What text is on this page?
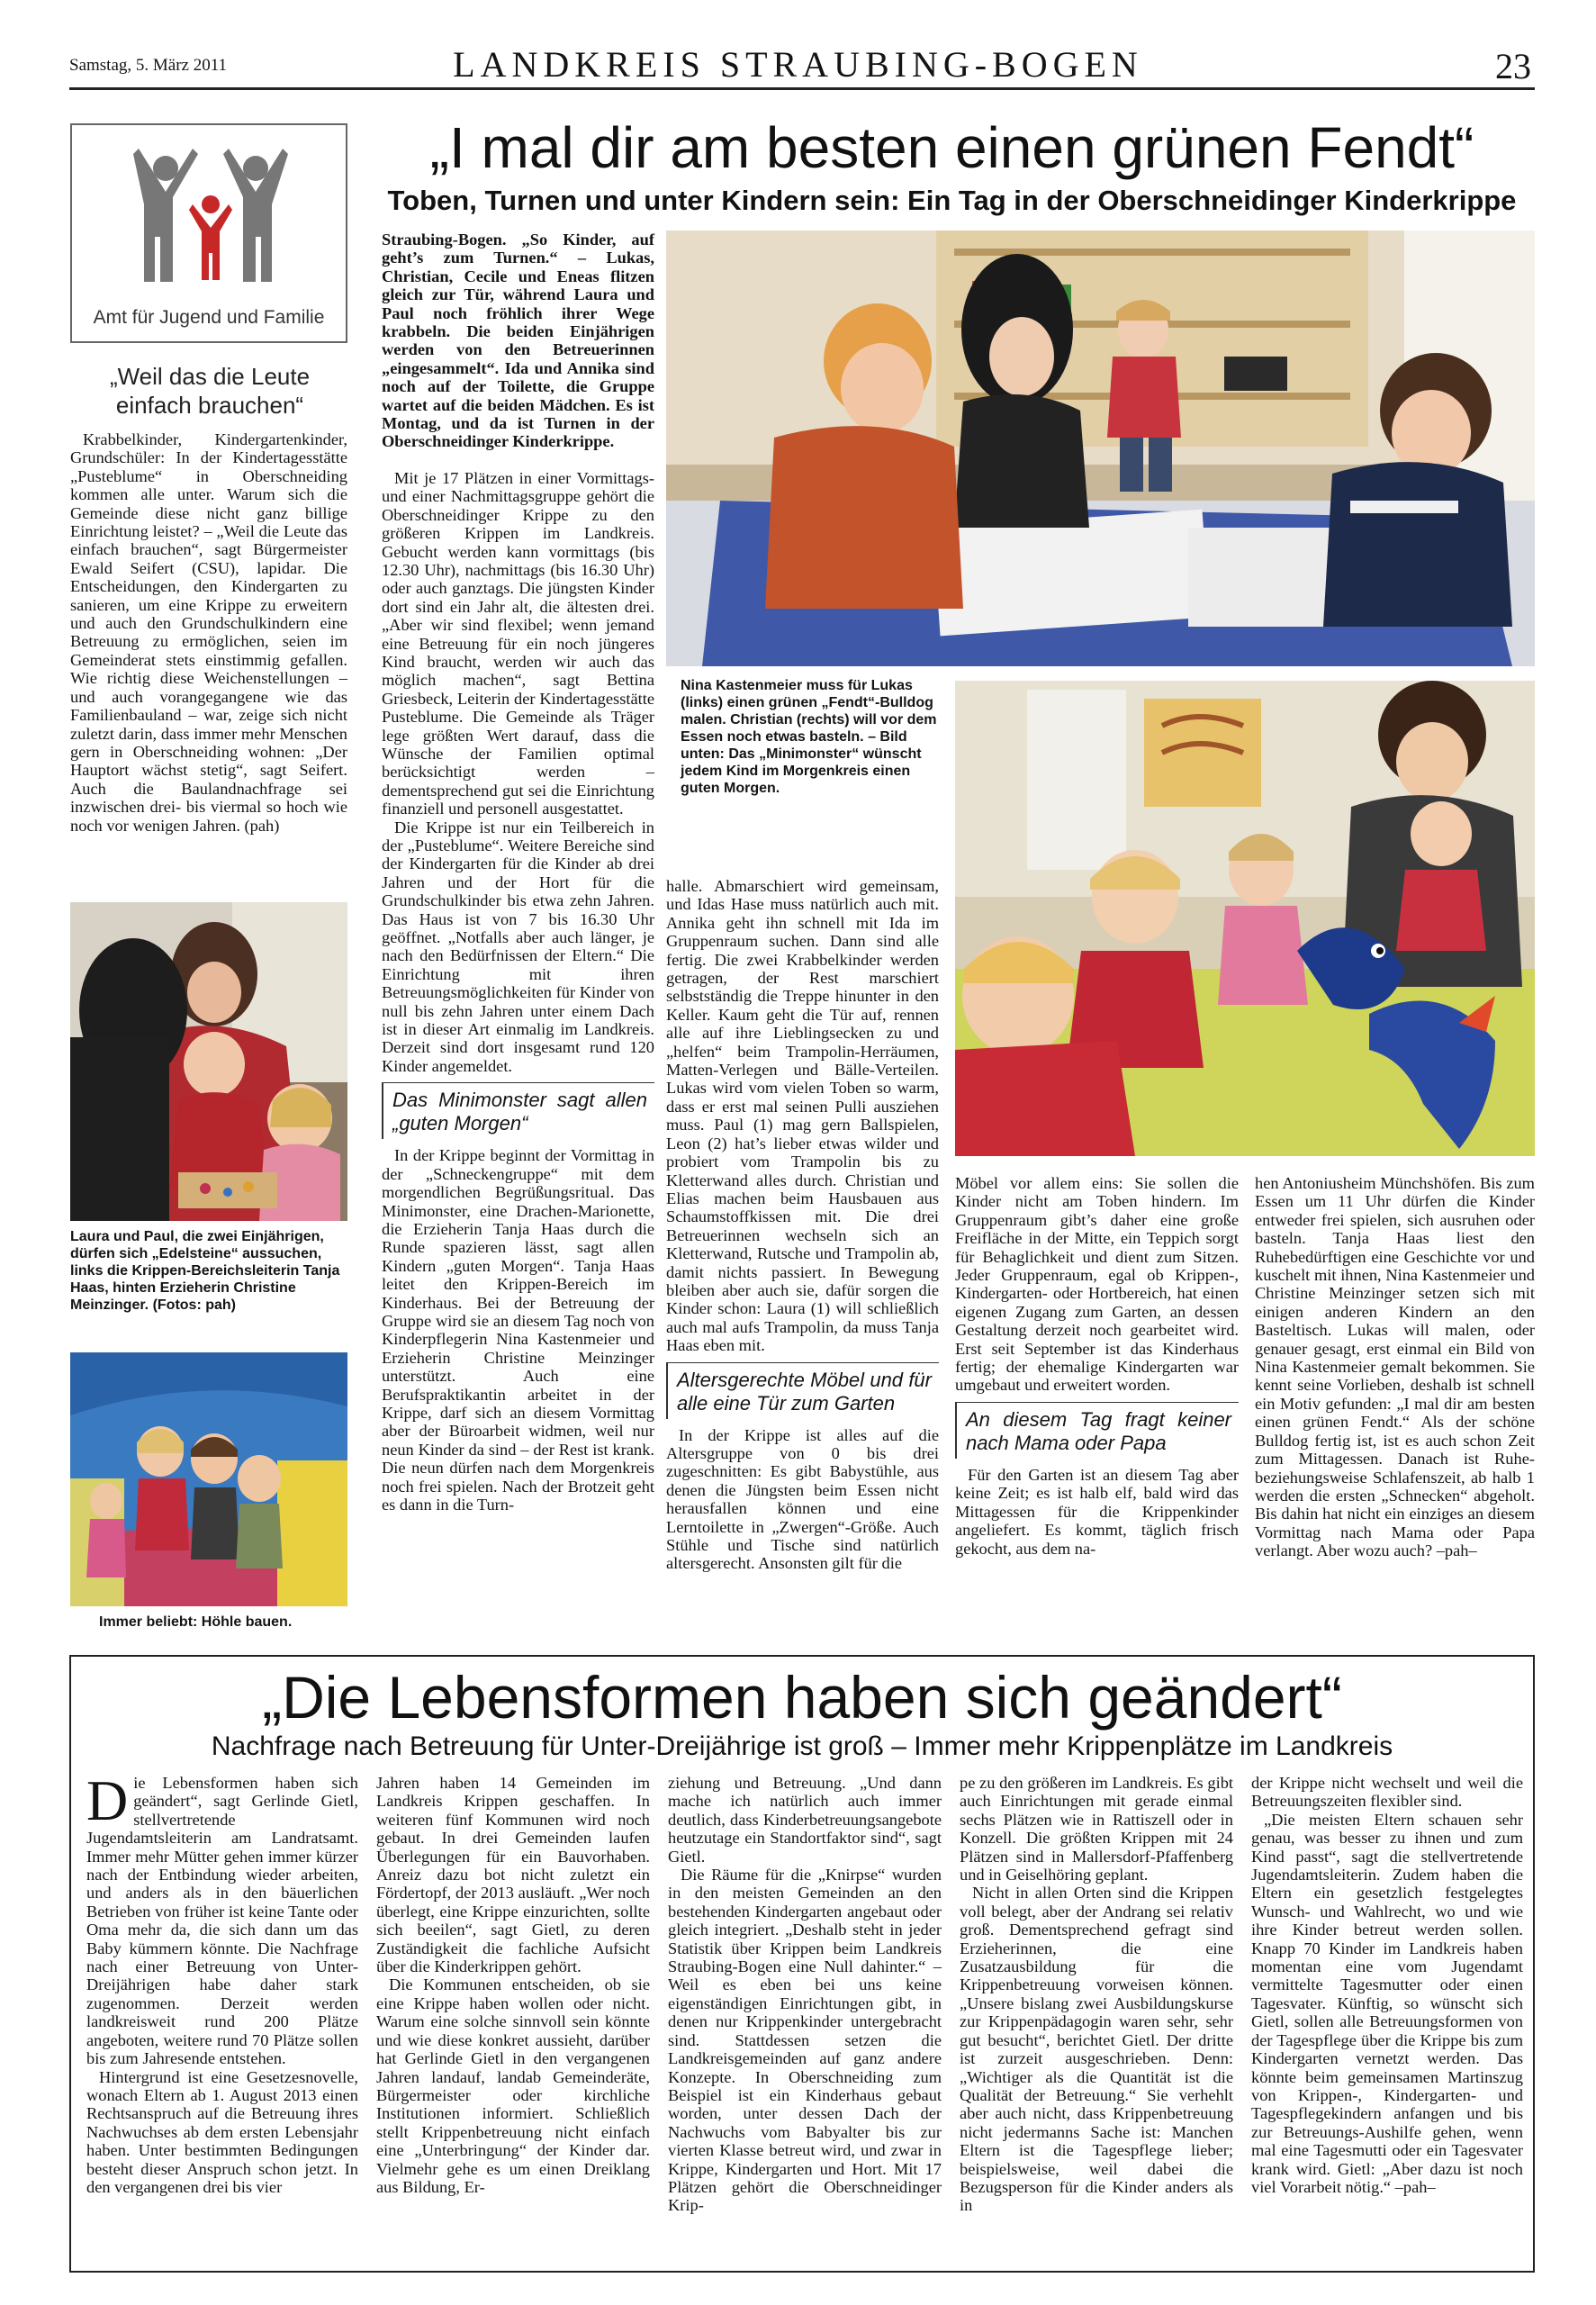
Samstag, 5. März 2011	LANDKREIS STRAUBING-BOGEN	23
„I mal dir am besten einen grünen Fendt“
Toben, Turnen und unter Kindern sein: Ein Tag in der Oberschneidinger Kinderkrippe
Amt für Jugend und Familie
„Weil das die Leute einfach brauchen“

Krabbelkinder, Kindergartenkinder, Grundschüler: In der Kindertagesstätte „Pusteblume“ in Oberschneiding kommen alle unter. Warum sich die Gemeinde diese nicht ganz billige Einrichtung leistet? – „Weil die Leute das einfach brauchen“, sagt Bürgermeister Ewald Seifert (CSU), lapidar. Die Entscheidungen, den Kindergarten zu sanieren, um eine Krippe zu erweitern und auch den Grundschulkindern eine Betreuung zu ermöglichen, seien im Gemeinderat stets einstimmig gefallen. Wie richtig diese Weichenstellungen – und auch vorangegangene wie das Familienbauland – war, zeige sich nicht zuletzt darin, dass immer mehr Menschen gern in Oberschneiding wohnen: „Der Hauptort wächst stetig“, sagt Seifert. Auch die Baulandnachfrage sei inzwischen drei- bis viermal so hoch wie noch vor wenigen Jahren. (pah)

Laura und Paul, die zwei Einjährigen, dürfen sich „Edelsteine“ aussuchen, links die Krippen-Bereichsleiterin Tanja Haas, hinten Erzieherin Christine Meinzinger. (Fotos: pah)
Immer beliebt: Höhle bauen.

Straubing-Bogen. „So Kinder, auf geht’s zum Turnen.“ – Lukas, Christian, Cecile und Eneas flitzen gleich zur Tür, während Laura und Paul noch fröhlich ihrer Wege krabbeln. Die beiden Einjährigen werden von den Betreuerinnen „eingesammelt“. Ida und Annika sind noch auf der Toilette, die Gruppe wartet auf die beiden Mädchen. Es ist Montag, und da ist Turnen in der Oberschneidinger Kinderkrippe.

Mit je 17 Plätzen in einer Vormittags- und einer Nachmittagsgruppe gehört die Oberschneidinger Krippe zu den größeren Krippen im Landkreis. Gebucht werden kann vormittags (bis 12.30 Uhr), nachmittags (bis 16.30 Uhr) oder auch ganztags. Die jüngsten Kinder dort sind ein Jahr alt, die ältesten drei. „Aber wir sind flexibel; wenn jemand eine Betreuung für ein noch jüngeres Kind braucht, werden wir auch das möglich machen“, sagt Bettina Griesbeck, Leiterin der Kindertagesstätte Pusteblume. Die Gemeinde als Träger lege größten Wert darauf, dass die Wünsche der Familien optimal berücksichtigt werden – dementsprechend gut sei die Einrichtung finanziell und personell ausgestattet.

Die Krippe ist nur ein Teilbereich in der „Pusteblume“. Weitere Bereiche sind der Kindergarten für die Kinder ab drei Jahren und der Hort für die Grundschulkinder bis etwa zehn Jahren. Das Haus ist von 7 bis 16.30 Uhr geöffnet. „Notfalls aber auch länger, je nach den Bedürfnissen der Eltern.“ Die Einrichtung mit ihren Betreuungsmöglichkeiten für Kinder von null bis zehn Jahren unter einem Dach ist in dieser Art einmalig im Landkreis. Derzeit sind dort insgesamt rund 120 Kinder angemeldet.

Das Minimonster sagt allen „guten Morgen“

In der Krippe beginnt der Vormittag in der „Schneckengruppe“ mit dem morgendlichen Begrüßungsritual. Das Minimonster, eine Drachen-Marionette, die Erzieherin Tanja Haas durch die Runde spazieren lässt, sagt allen Kindern „guten Morgen“. Tanja Haas leitet den Krippen-Bereich im Kinderhaus. Bei der Betreuung der Gruppe wird sie an diesem Tag noch von Kinderpflegerin Nina Kastenmeier und Erzieherin Christine Meinzinger unterstützt. Auch eine Berufspraktikantin arbeitet in der Krippe, darf sich an diesem Vormittag aber der Büroarbeit widmen, weil nur neun Kinder da sind – der Rest ist krank. Die neun dürfen nach dem Morgenkreis noch frei spielen. Nach der Brotzeit geht es dann in die Turn-

Nina Kastenmeier muss für Lukas (links) einen grünen „Fendt“-Bulldog malen. Christian (rechts) will vor dem Essen noch etwas basteln. – Bild unten: Das „Minimonster“ wünscht jedem Kind im Morgenkreis einen guten Morgen.

halle. Abmarschiert wird gemeinsam, und Idas Hase muss natürlich auch mit. Annika geht ihn schnell mit Ida im Gruppenraum suchen. Dann sind alle fertig. Die zwei Krabbelkinder werden getragen, der Rest marschiert selbstständig die Treppe hinunter in den Keller. Kaum geht die Tür auf, rennen alle auf ihre Lieblingsecken zu und „helfen“ beim Trampolin-Herräumen, Matten-Verlegen und Bälle-Verteilen. Lukas wird vom vielen Toben so warm, dass er erst mal seinen Pulli ausziehen muss. Paul (1) mag gern Ballspielen, Leon (2) hat’s lieber etwas wilder und probiert vom Trampolin bis zu Kletterwand alles durch. Christian und Elias machen beim Hausbauen aus Schaumstoffkissen mit. Die drei Betreuerinnen wechseln sich an Kletterwand, Rutsche und Trampolin ab, damit nichts passiert. In Bewegung bleiben aber auch sie, dafür sorgen die Kinder schon: Laura (1) will schließlich auch mal aufs Trampolin, da muss Tanja Haas eben mit.

Altersgerechte Möbel und für alle eine Tür zum Garten

In der Krippe ist alles auf die Altersgruppe von 0 bis drei zugeschnitten: Es gibt Babystühle, aus denen die Jüngsten beim Essen nicht herausfallen können und eine Lerntoilette in „Zwergen“-Größe. Auch Stühle und Tische sind natürlich altersgerecht. Ansonsten gilt für die

Möbel vor allem eins: Sie sollen die Kinder nicht am Toben hindern. Im Gruppenraum gibt’s daher eine große Freifläche in der Mitte, ein Teppich sorgt für Behaglichkeit und dient zum Sitzen. Jeder Gruppenraum, egal ob Krippen-, Kindergarten- oder Hortbereich, hat einen eigenen Zugang zum Garten, an dessen Gestaltung derzeit noch gearbeitet wird. Erst seit September ist das Kinderhaus fertig; der ehemalige Kindergarten war umgebaut und erweitert worden.

An diesem Tag fragt keiner nach Mama oder Papa

Für den Garten ist an diesem Tag aber keine Zeit; es ist halb elf, bald wird das Mittagessen für die Krippenkinder angeliefert. Es kommt, täglich frisch gekocht, aus dem na-

hen Antoniusheim Münchshöfen. Bis zum Essen um 11 Uhr dürfen die Kinder entweder frei spielen, sich ausruhen oder basteln. Tanja Haas liest den Ruhebedürftigen eine Geschichte vor und kuschelt mit ihnen, Nina Kastenmeier und Christine Meinzinger setzen sich mit einigen anderen Kindern an den Basteltisch. Lukas will malen, oder genauer gesagt, erst einmal ein Bild von Nina Kastenmeier gemalt bekommen. Sie kennt seine Vorlieben, deshalb ist schnell ein Motiv gefunden: „I mal dir am besten einen grünen Fendt.“ Als der schöne Bulldog fertig ist, ist es auch schon Zeit zum Mittagessen. Danach ist Ruhe- beziehungsweise Schlafenszeit, ab halb 1 werden die ersten „Schnecken“ abgeholt. Bis dahin hat nicht ein einziges an diesem Vormittag nach Mama oder Papa verlangt. Aber wozu auch? –pah–

„Die Lebensformen haben sich geändert“
Nachfrage nach Betreuung für Unter-Dreijährige ist groß – Immer mehr Krippenplätze im Landkreis

Die Lebensformen haben sich geändert“, sagt Gerlinde Gietl, stellvertretende Jugendamtsleiterin am Landratsamt. Immer mehr Mütter gehen immer kürzer nach der Entbindung wieder arbeiten, und anders als in den bäuerlichen Betrieben von früher ist keine Tante oder Oma mehr da, die sich dann um das Baby kümmern könnte. Die Nachfrage nach einer Betreuung von Unter-Dreijährigen habe daher stark zugenommen. Derzeit werden landkreisweit rund 200 Plätze angeboten, weitere rund 70 Plätze sollen bis zum Jahresende entstehen.

Hintergrund ist eine Gesetzesnovelle, wonach Eltern ab 1. August 2013 einen Rechtsanspruch auf die Betreuung ihres Nachwuchses ab dem ersten Lebensjahr haben. Unter bestimmten Bedingungen besteht dieser Anspruch schon jetzt. In den vergangenen drei bis vier

Jahren haben 14 Gemeinden im Landkreis Krippen geschaffen. In weiteren fünf Kommunen wird noch gebaut. In drei Gemeinden laufen Überlegungen für ein Bauvorhaben. Anreiz dazu bot nicht zuletzt ein Fördertopf, der 2013 ausläuft. „Wer noch überlegt, eine Krippe einzurichten, sollte sich beeilen“, sagt Gietl, zu deren Zuständigkeit die fachliche Aufsicht über die Kinderkrippen gehört.

Die Kommunen entscheiden, ob sie eine Krippe haben wollen oder nicht. Warum eine solche sinnvoll sein könnte und wie diese konkret aussieht, darüber hat Gerlinde Gietl in den vergangenen Jahren landauf, landab Gemeinderäte, Bürgermeister oder kirchliche Institutionen informiert. Schließlich stellt Krippenbetreuung nicht einfach eine „Unterbringung“ der Kinder dar. Vielmehr gehe es um einen Dreiklang aus Bildung, Er-

ziehung und Betreuung. „Und dann mache ich natürlich auch immer deutlich, dass Kinderbetreuungsangebote heutzutage ein Standortfaktor sind“, sagt Gietl.

Die Räume für die „Knirpse“ wurden in den meisten Gemeinden an den bestehenden Kindergarten angebaut oder gleich integriert. „Deshalb steht in jeder Statistik über Krippen beim Landkreis Straubing-Bogen eine Null dahinter.“ – Weil es eben bei uns keine eigenständigen Einrichtungen gibt, in denen nur Krippenkinder untergebracht sind. Stattdessen setzen die Landkreisgemeinden auf ganz andere Konzepte. In Oberschneiding zum Beispiel ist ein Kinderhaus gebaut worden, unter dessen Dach der Nachwuchs vom Babyalter bis zur vierten Klasse betreut wird, und zwar in Krippe, Kindergarten und Hort. Mit 17 Plätzen gehört die Oberschneidinger Krip-

pe zu den größeren im Landkreis. Es gibt auch Einrichtungen mit gerade einmal sechs Plätzen wie in Rattiszell oder in Konzell. Die größten Krippen mit 24 Plätzen sind in Mallersdorf-Pfaffenberg und in Geiselhöring geplant.

Nicht in allen Orten sind die Krippen voll belegt, aber der Andrang sei relativ groß. Dementsprechend gefragt sind Erzieherinnen, die eine Zusatzausbildung für die Krippenbetreuung vorweisen können. „Unsere bislang zwei Ausbildungskurse zur Krippenpädagogin waren sehr, sehr gut besucht“, berichtet Gietl. Der dritte ist zurzeit ausgeschrieben. Denn: „Wichtiger als die Quantität ist die Qualität der Betreuung.“ Sie verhehlt aber auch nicht, dass Krippenbetreuung nicht jedermanns Sache ist: Manchen Eltern ist die Tagespflege lieber; beispielsweise, weil dabei die Bezugsperson für die Kinder anders als in

der Krippe nicht wechselt und weil die Betreuungszeiten flexibler sind.

„Die meisten Eltern schauen sehr genau, was besser zu ihnen und zum Kind passt“, sagt die stellvertretende Jugendamtsleiterin. Zudem haben die Eltern ein gesetzlich festgelegtes Wunsch- und Wahlrecht, wo und wie ihre Kinder betreut werden sollen. Knapp 70 Kinder im Landkreis haben momentan eine vom Jugendamt vermittelte Tagesmutter oder einen Tagesvater. Künftig, so wünscht sich Gietl, sollen alle Betreuungsformen von der Tagespflege über die Krippe bis zum Kindergarten vernetzt werden. Das könnte beim gemeinsamen Martinszug von Krippen-, Kindergarten- und Tagespflegekindern anfangen und bis zur Betreuungs-Aushilfe gehen, wenn mal eine Tagesmutti oder ein Tagesvater krank wird. Gietl: „Aber dazu ist noch viel Vorarbeit nötig.“ –pah–
